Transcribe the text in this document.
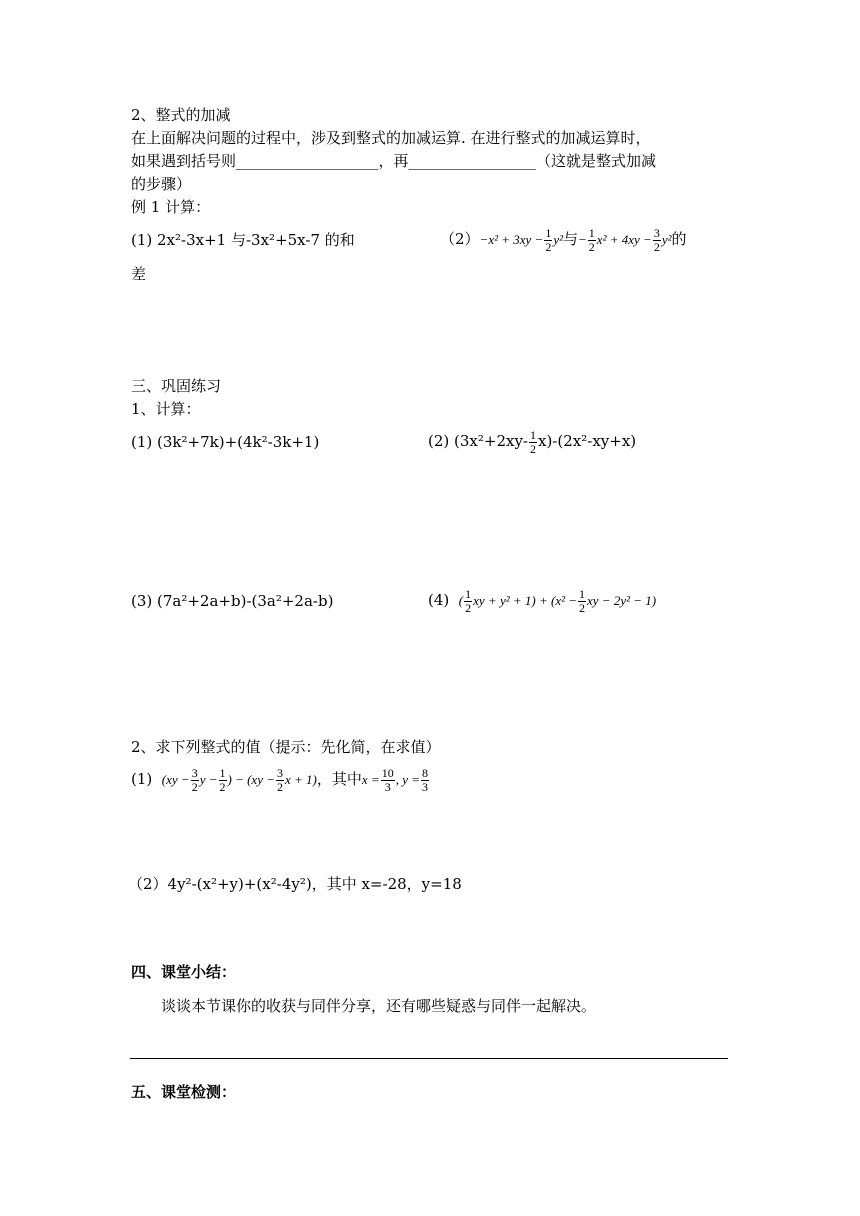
2、整式的加减
在上面解决问题的过程中，涉及到整式的加减运算. 在进行整式的加减运算时，
如果遇到括号则___________________，再_________________（这就是整式加减
的步骤）
例 1 计算：
(1) 2x²-3x+1 与-3x²+5x-7 的和	$(2)-x^2 + 3xy - \frac{1}{2} y^2$与− $\frac{1}{2} x^2 + 4xy - \frac{3}{2} y^2$的
差
三、巩固练习
1、计算：
(1) (3k²+7k)+(4k²-3k+1)	(2) $(3x^2+2xy- \frac{1}{2} x)-(2x^2-xy+x)$
(3) (7a²+2a+b)-(3a²+2a-b)	(4) ( $\frac{1}{2}$ xy + $y^2 + 1) + (x^2 - \frac{1}{2}$ xy − 2y² − 1)
2、求下列整式的值（提示：先化简，在求值）
(1) ($xy - \frac{3}{2}$ $y - \frac{1}{2}$ ) − ($xy - \frac{3}{2}$ x + 1)，其中$x = \frac{10}{3}$ , $y = \frac{8}{3}$
（2）4y²-(x²+y)+(x²-4y²)，其中 x=-28，y=18
四、课堂小结：
谈谈本节课你的收获与同伴分享，还有哪些疑惑与同伴一起解决。
五、课堂检测：
